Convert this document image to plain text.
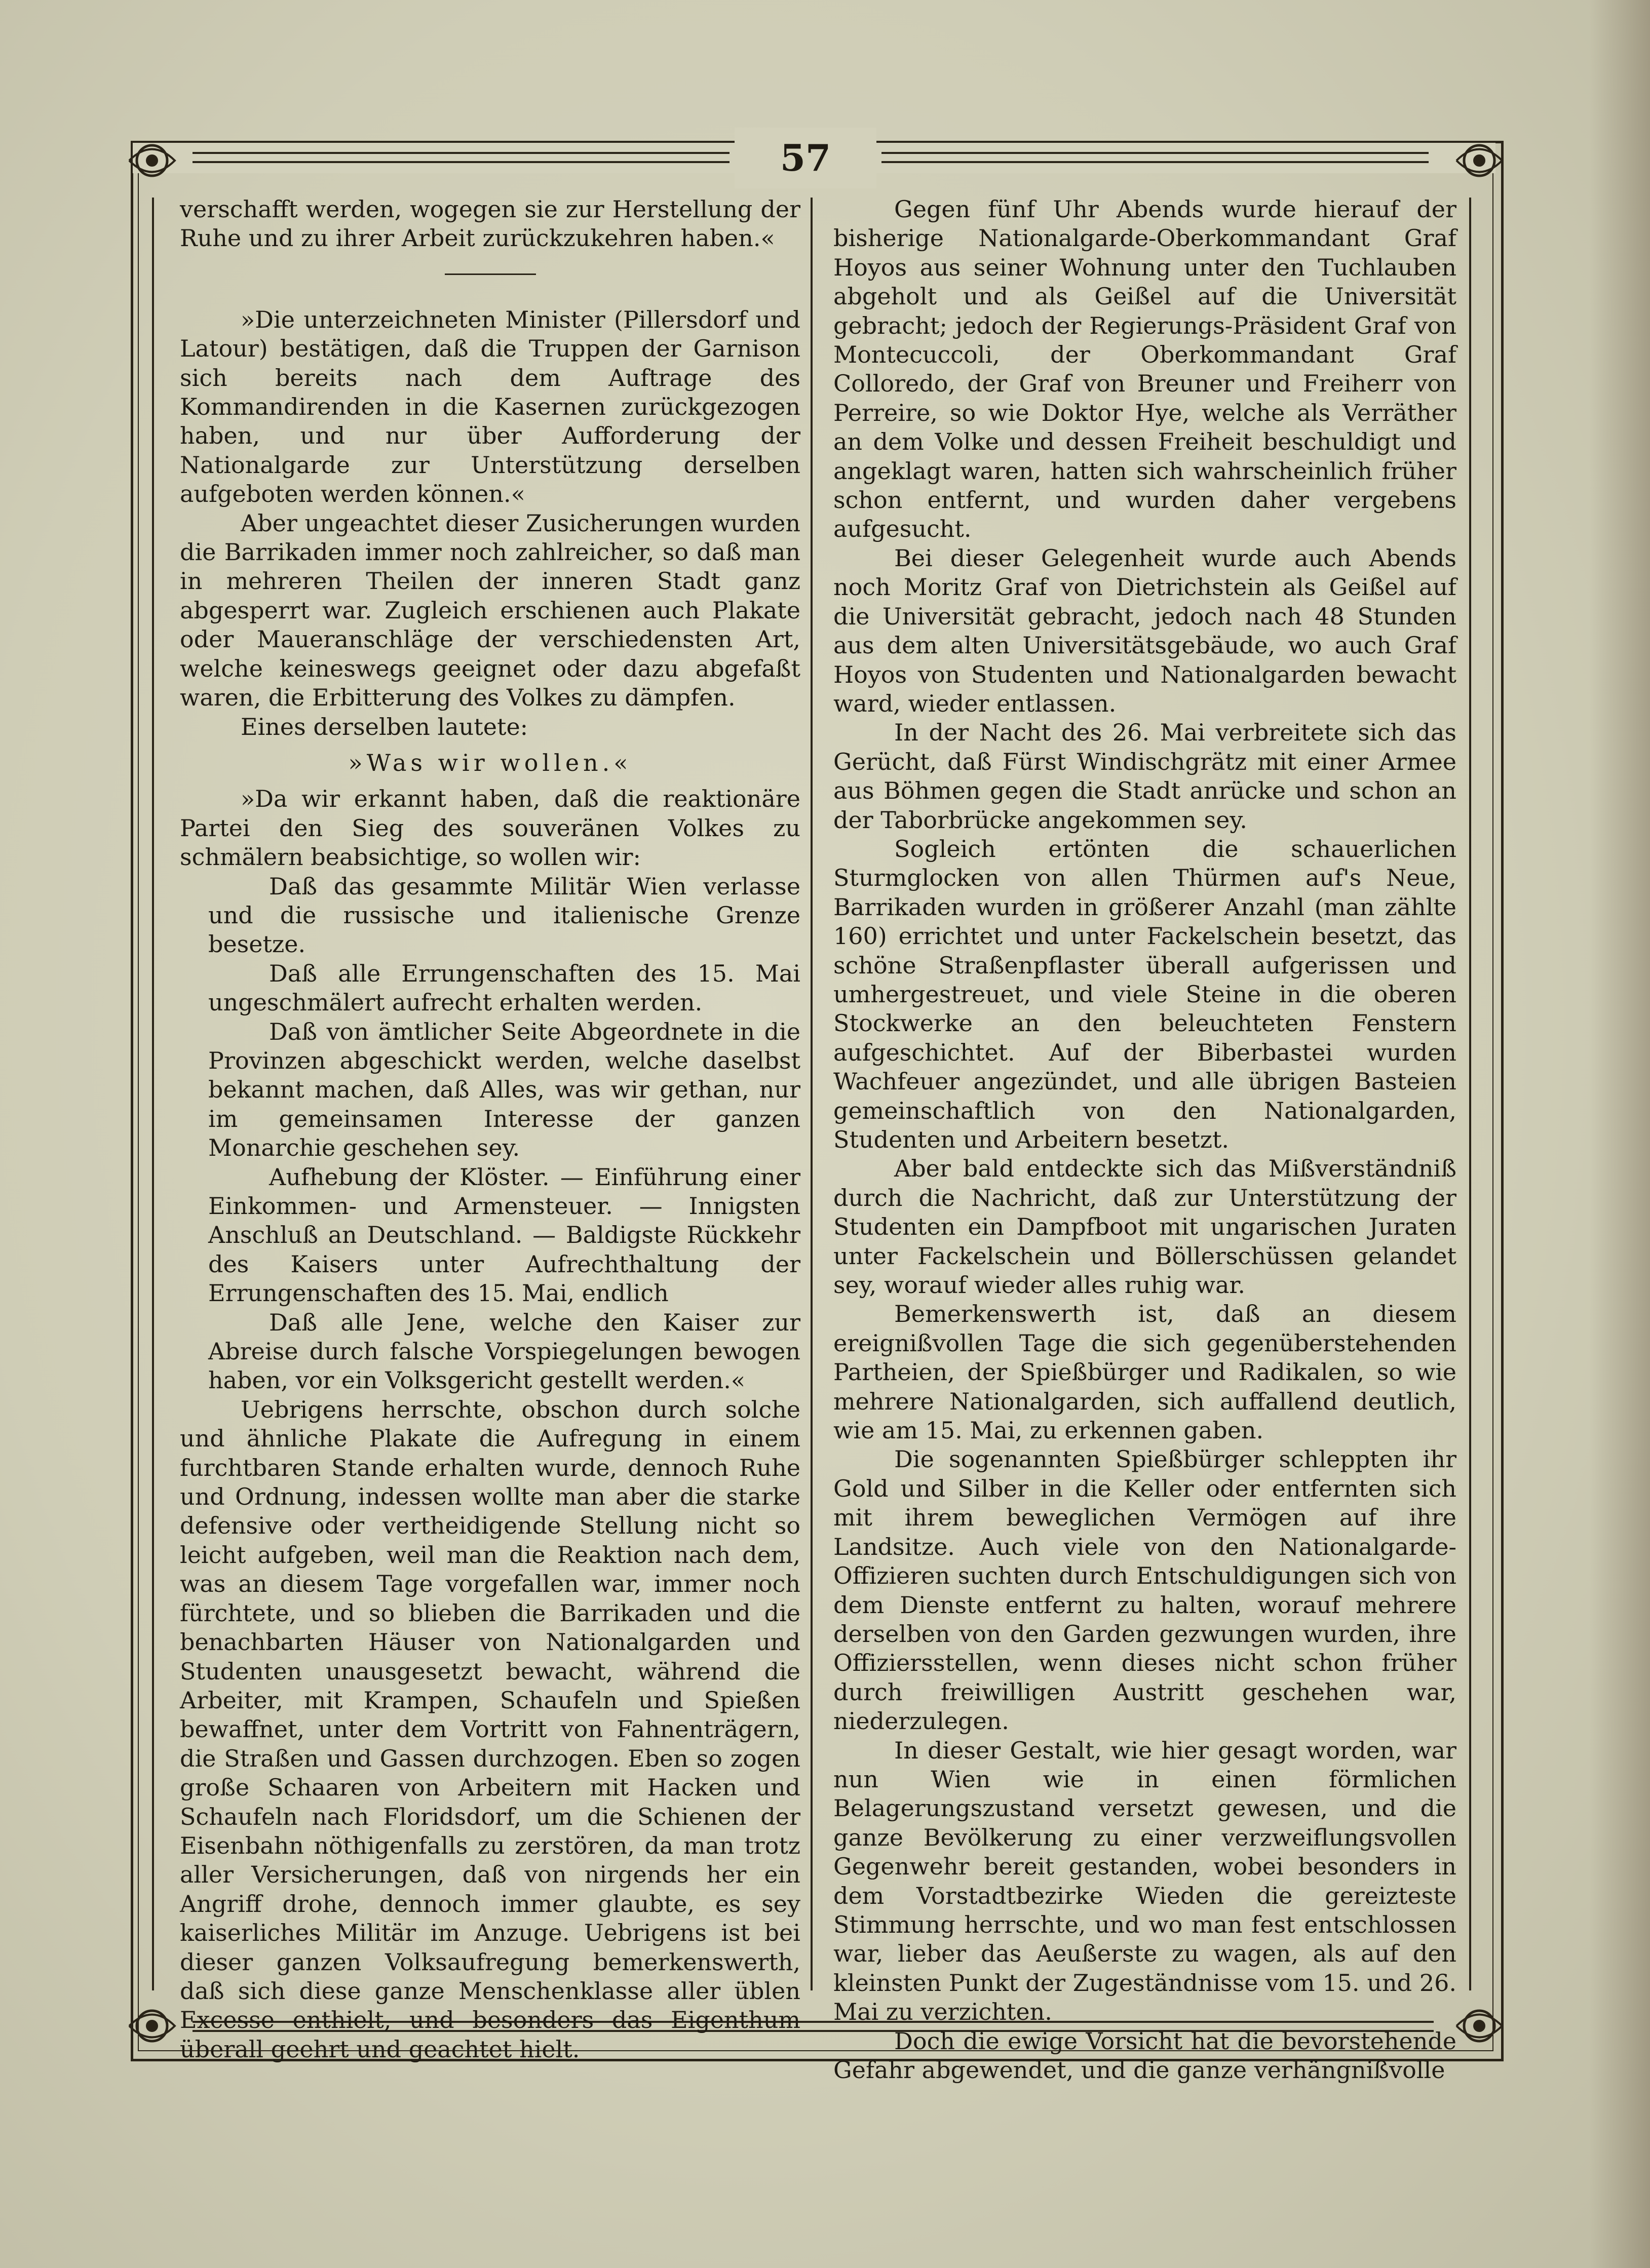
57

verschafft werden, wogegen sie zur Herstellung der Ruhe und zu ihrer Arbeit zurückzukehren haben.«

»Die unterzeichneten Minister (Pillersdorf und Latour) bestätigen, daß die Truppen der Garnison sich bereits nach dem Auftrage des Kommandirenden in die Kasernen zurückgezogen haben, und nur über Aufforderung der Nationalgarde zur Unterstützung derselben aufgeboten werden können.«

Aber ungeachtet dieser Zusicherungen wurden die Barrikaden immer noch zahlreicher, so daß man in mehreren Theilen der inneren Stadt ganz abgesperrt war. Zugleich erschienen auch Plakate oder Maueranschläge der verschiedensten Art, welche keineswegs geeignet oder dazu abgefaßt waren, die Erbitterung des Volkes zu dämpfen.

Eines derselben lautete:

»Was wir wollen.«

»Da wir erkannt haben, daß die reaktionäre Partei den Sieg des souveränen Volkes zu schmälern beabsichtige, so wollen wir:

Daß das gesammte Militär Wien verlasse und die russische und italienische Grenze besetze.

Daß alle Errungenschaften des 15. Mai ungeschmälert aufrecht erhalten werden.

Daß von ämtlicher Seite Abgeordnete in die Provinzen abgeschickt werden, welche daselbst bekannt machen, daß Alles, was wir gethan, nur im gemeinsamen Interesse der ganzen Monarchie geschehen sey.

Aufhebung der Klöster. — Einführung einer Einkommen- und Armensteuer. — Innigsten Anschluß an Deutschland. — Baldigste Rückkehr des Kaisers unter Aufrechthaltung der Errungenschaften des 15. Mai, endlich

Daß alle Jene, welche den Kaiser zur Abreise durch falsche Vorspiegelungen bewogen haben, vor ein Volksgericht gestellt werden.«

Uebrigens herrschte, obschon durch solche und ähnliche Plakate die Aufregung in einem furchtbaren Stande erhalten wurde, dennoch Ruhe und Ordnung, indessen wollte man aber die starke defensive oder vertheidigende Stellung nicht so leicht aufgeben, weil man die Reaktion nach dem, was an diesem Tage vorgefallen war, immer noch fürchtete, und so blieben die Barrikaden und die benachbarten Häuser von Nationalgarden und Studenten unausgesetzt bewacht, während die Arbeiter, mit Krampen, Schaufeln und Spießen bewaffnet, unter dem Vortritt von Fahnenträgern, die Straßen und Gassen durchzogen. Eben so zogen große Schaaren von Arbeitern mit Hacken und Schaufeln nach Floridsdorf, um die Schienen der Eisenbahn nöthigenfalls zu zerstören, da man trotz aller Versicherungen, daß von nirgends her ein Angriff drohe, dennoch immer glaubte, es sey kaiserliches Militär im Anzuge. Uebrigens ist bei dieser ganzen Volksaufregung bemerkenswerth, daß sich diese ganze Menschenklasse aller üblen Excesse enthielt, und besonders das Eigenthum überall geehrt und geachtet hielt.

Gegen fünf Uhr Abends wurde hierauf der bisherige Nationalgarde-Oberkommandant Graf Hoyos aus seiner Wohnung unter den Tuchlauben abgeholt und als Geißel auf die Universität gebracht; jedoch der Regierungs-Präsident Graf von Montecuccoli, der Oberkommandant Graf Colloredo, der Graf von Breuner und Freiherr von Perreire, so wie Doktor Hye, welche als Verräther an dem Volke und dessen Freiheit beschuldigt und angeklagt waren, hatten sich wahrscheinlich früher schon entfernt, und wurden daher vergebens aufgesucht.

Bei dieser Gelegenheit wurde auch Abends noch Moritz Graf von Dietrichstein als Geißel auf die Universität gebracht, jedoch nach 48 Stunden aus dem alten Universitätsgebäude, wo auch Graf Hoyos von Studenten und Nationalgarden bewacht ward, wieder entlassen.

In der Nacht des 26. Mai verbreitete sich das Gerücht, daß Fürst Windischgrätz mit einer Armee aus Böhmen gegen die Stadt anrücke und schon an der Taborbrücke angekommen sey.

Sogleich ertönten die schauerlichen Sturmglocken von allen Thürmen auf's Neue, Barrikaden wurden in größerer Anzahl (man zählte 160) errichtet und unter Fackelschein besetzt, das schöne Straßenpflaster überall aufgerissen und umhergestreuet, und viele Steine in die oberen Stockwerke an den beleuchteten Fenstern aufgeschichtet. Auf der Biberbastei wurden Wachfeuer angezündet, und alle übrigen Basteien gemeinschaftlich von den Nationalgarden, Studenten und Arbeitern besetzt.

Aber bald entdeckte sich das Mißverständniß durch die Nachricht, daß zur Unterstützung der Studenten ein Dampfboot mit ungarischen Juraten unter Fackelschein und Böllerschüssen gelandet sey, worauf wieder alles ruhig war.

Bemerkenswerth ist, daß an diesem ereignißvollen Tage die sich gegenüberstehenden Partheien, der Spießbürger und Radikalen, so wie mehrere Nationalgarden, sich auffallend deutlich, wie am 15. Mai, zu erkennen gaben.

Die sogenannten Spießbürger schleppten ihr Gold und Silber in die Keller oder entfernten sich mit ihrem beweglichen Vermögen auf ihre Landsitze. Auch viele von den Nationalgarde-Offizieren suchten durch Entschuldigungen sich von dem Dienste entfernt zu halten, worauf mehrere derselben von den Garden gezwungen wurden, ihre Offiziersstellen, wenn dieses nicht schon früher durch freiwilligen Austritt geschehen war, niederzulegen.

In dieser Gestalt, wie hier gesagt worden, war nun Wien wie in einen förmlichen Belagerungszustand versetzt gewesen, und die ganze Bevölkerung zu einer verzweiflungsvollen Gegenwehr bereit gestanden, wobei besonders in dem Vorstadtbezirke Wieden die gereizteste Stimmung herrschte, und wo man fest entschlossen war, lieber das Aeußerste zu wagen, als auf den kleinsten Punkt der Zugeständnisse vom 15. und 26. Mai zu verzichten.

Doch die ewige Vorsicht hat die bevorstehende Gefahr abgewendet, und die ganze verhängnißvolle
